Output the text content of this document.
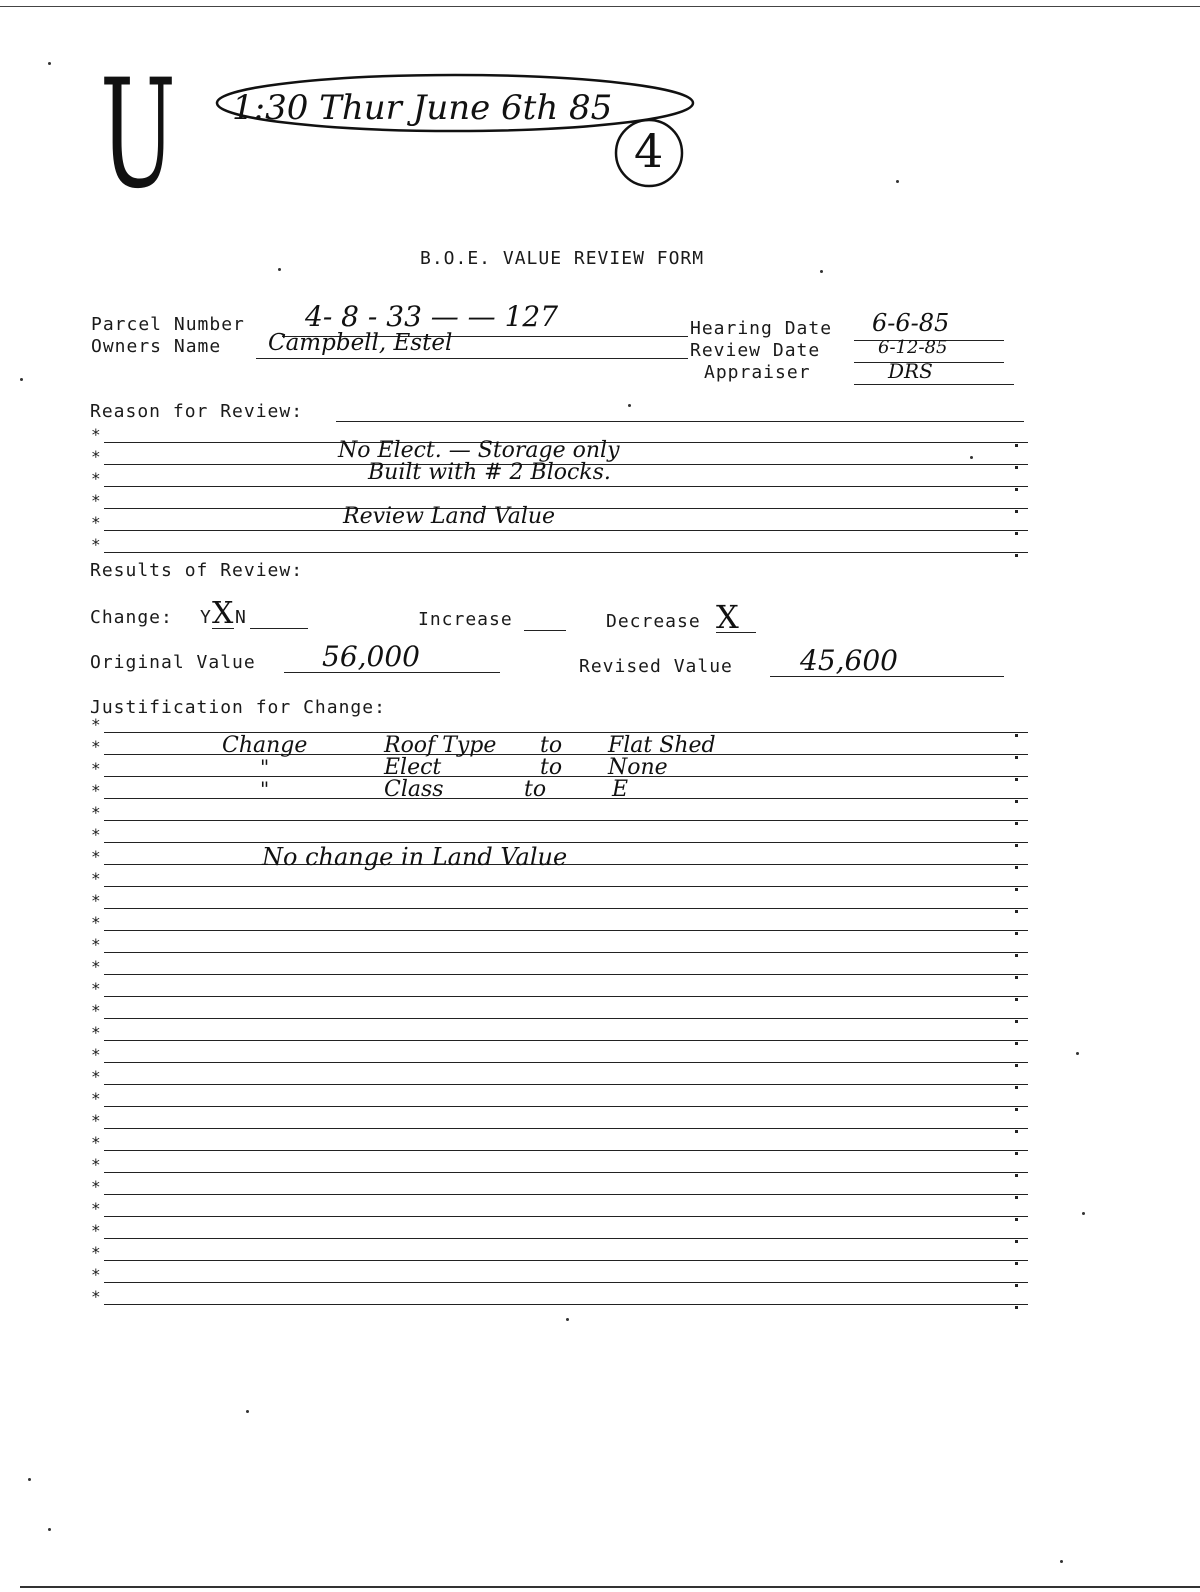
U 1:30 Thur June 6th 85
4
B.O.E. VALUE REVIEW FORM
Parcel Number 4- 8 - 33 — — 127
Owners Name Campbell, Estel
Hearing Date 6-6-85
Review Date	6-12-85
Appraiser	DRS
Reason for Review:
*
*	No Elect. — Storage only
*	Built with # 2 Blocks.
*
*	Review Land Value
*
Results of Review:
Change: Y X N	Increase	Decrease X
Original Value 56,000	Revised Value 45,600
Justification for Change:
*
*
*
*
*
*
*
*
*
*
*
*
*
*
*
*
*
*
*
*
*
*
*
*
*
*
*
Change	Roof Type to Flat Shed
"	Elect	to None
"	Class	to	E
No change in Land Value
